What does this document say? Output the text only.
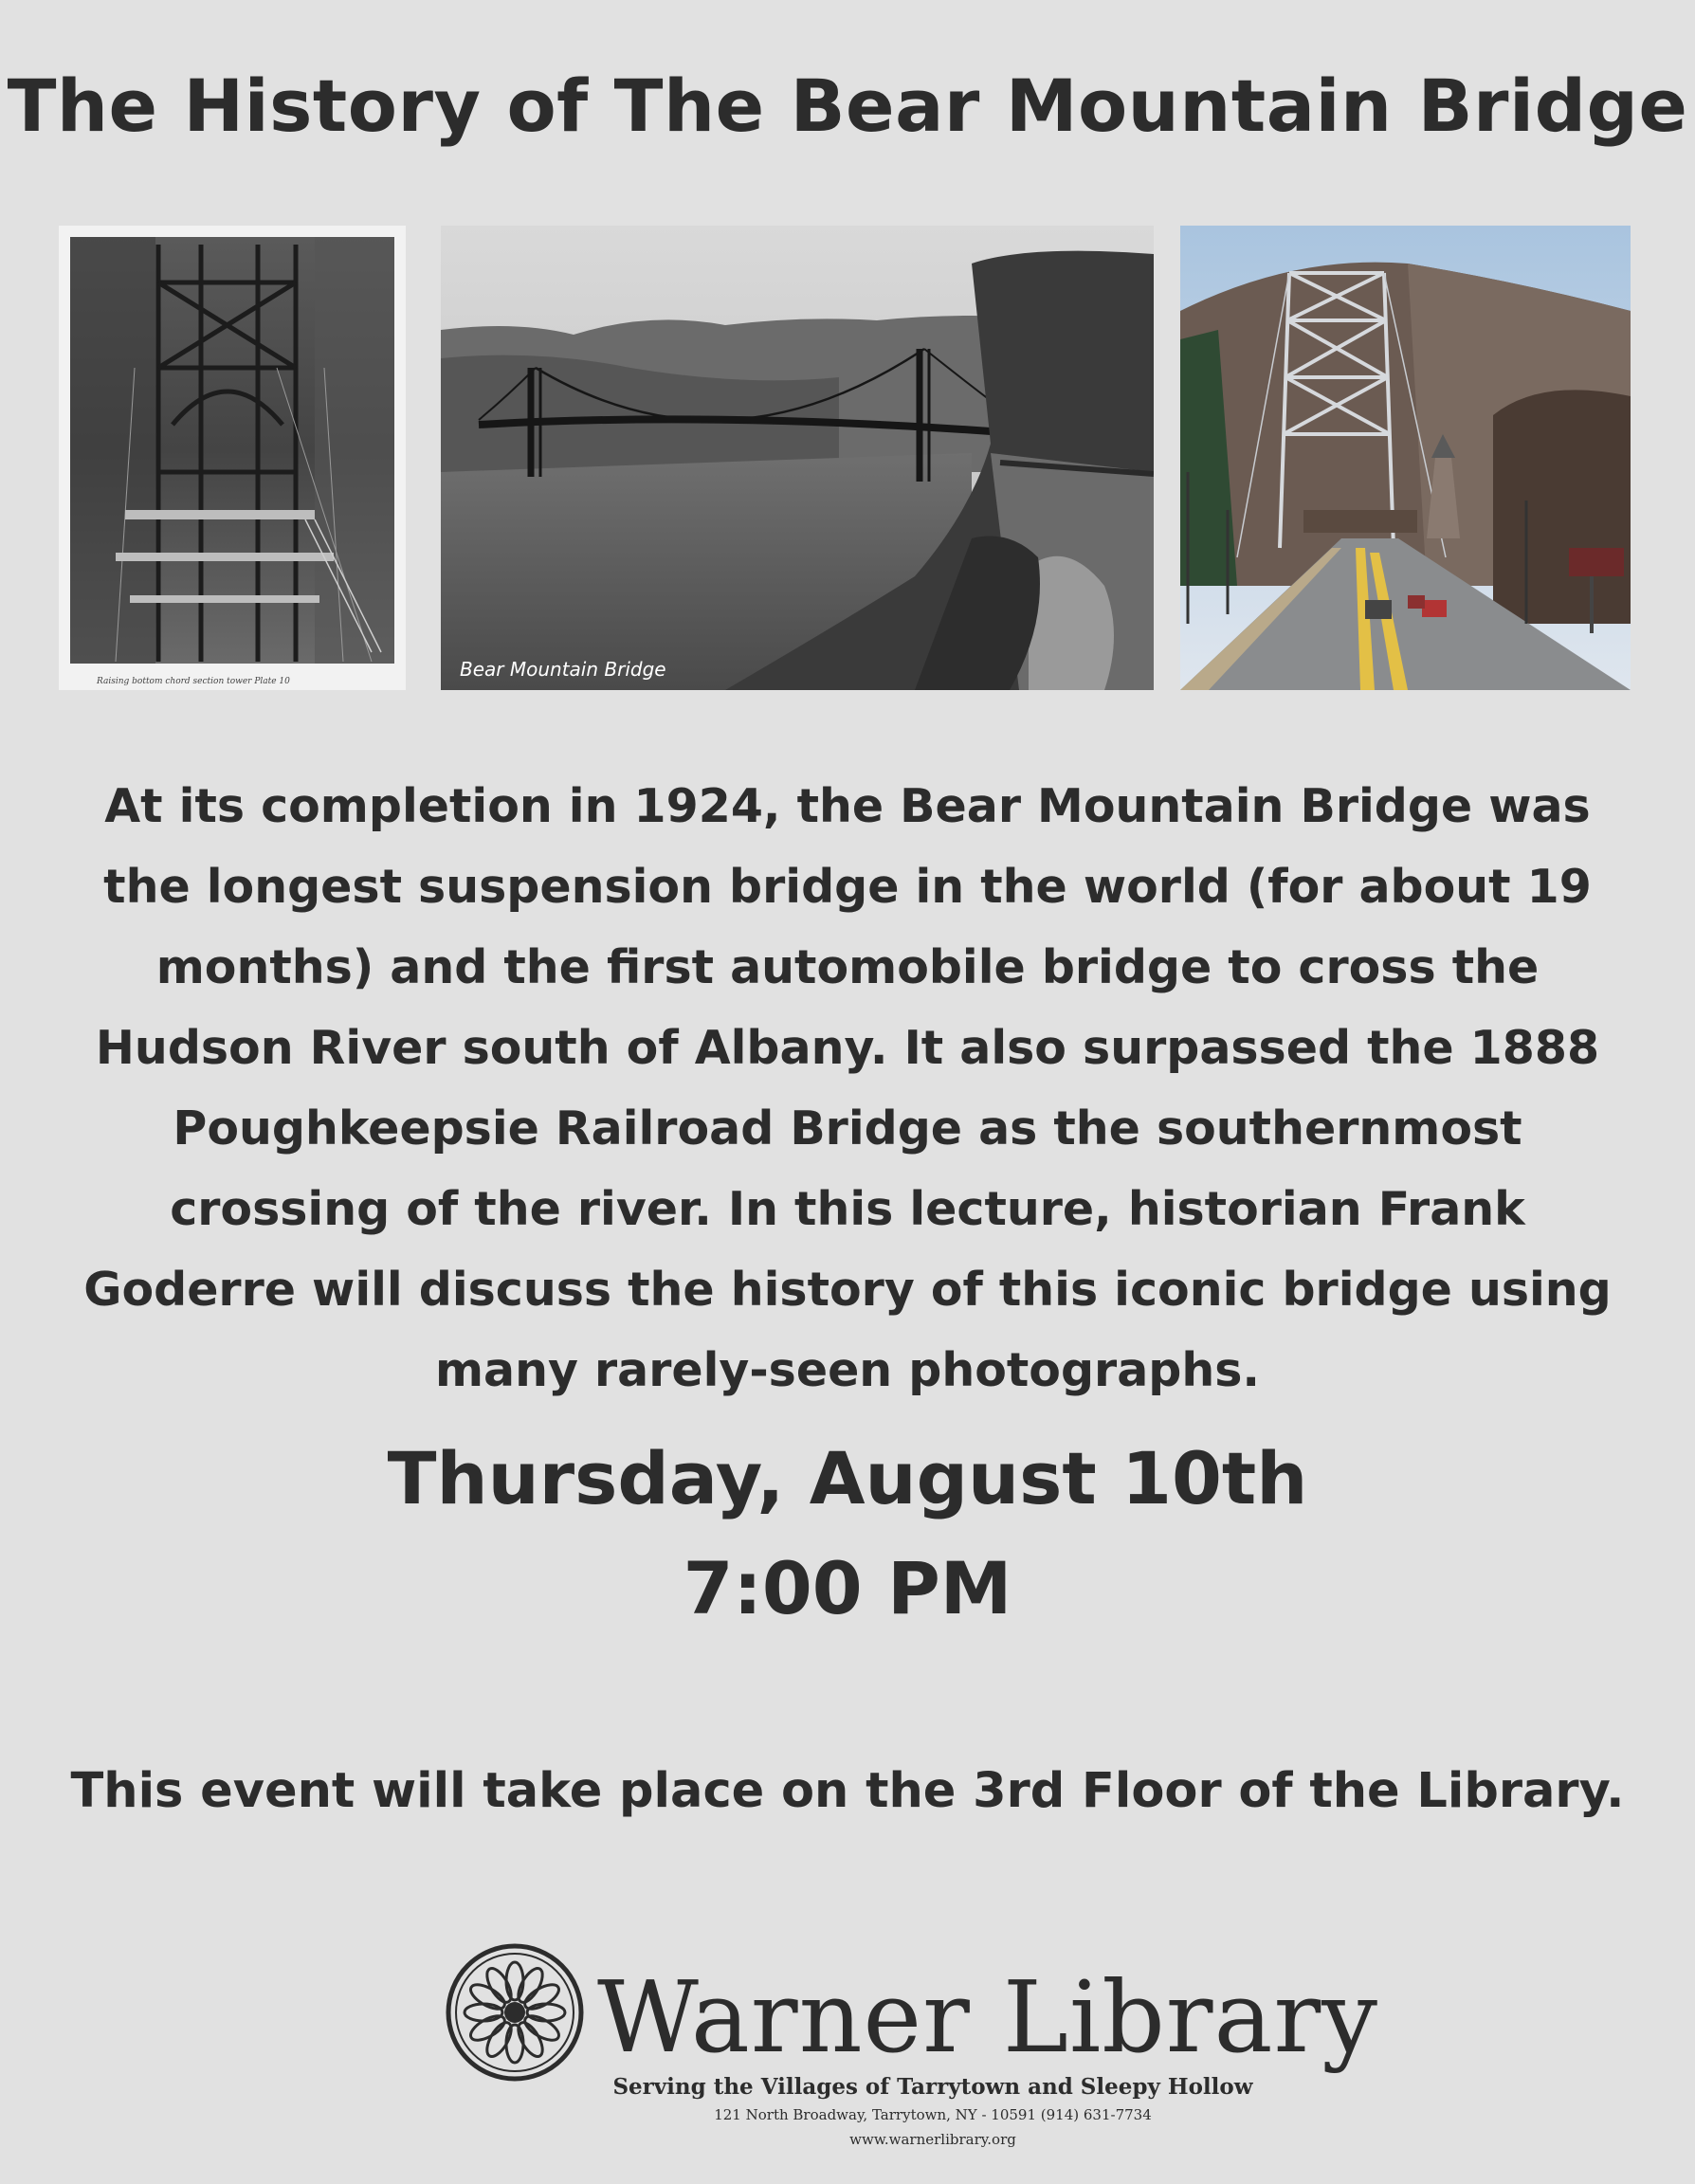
The History of The Bear Mountain Bridge
Raising bottom chord section tower Plate 10
Bear Mountain Bridge

At its completion in 1924, the Bear Mountain Bridge was the longest suspension bridge in the world (for about 19 months) and the first automobile bridge to cross the Hudson River south of Albany. It also surpassed the 1888 Poughkeepsie Railroad Bridge as the southernmost crossing of the river. In this lecture, historian Frank Goderre will discuss the history of this iconic bridge using many rarely-seen photographs.

Thursday, August 10th
7:00 PM
This event will take place on the 3rd Floor of the Library.
Warner Library
Serving the Villages of Tarrytown and Sleepy Hollow
121 North Broadway, Tarrytown, NY - 10591 (914) 631-7734
www.warnerlibrary.org
